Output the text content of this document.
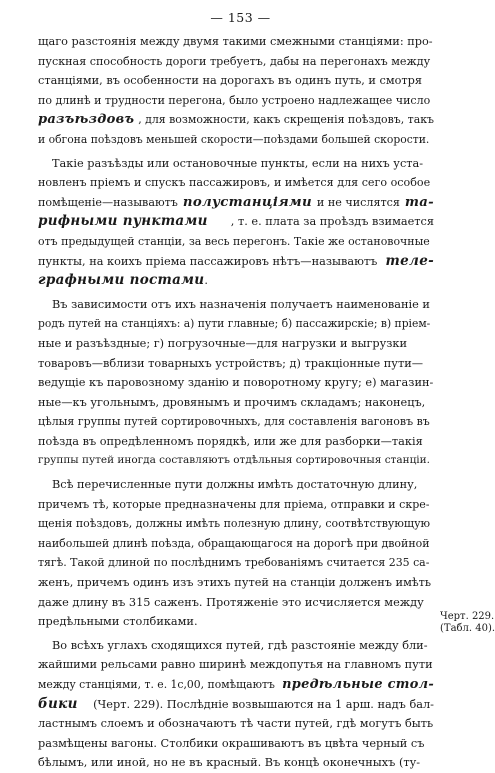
— 153 —
щаго разстоянія между двумя такими смежными станціями: про-
пускная способность дороги требуетъ, дабы на перегонахъ между
станціями, въ особенности на дорогахъ въ одинъ путь, и смотря
по длинѣ и трудности перегона, было устроено надлежащее число
разъѣздовъ , для возможности, какъ скрещенія поѣздовъ, такъ
и обгона поѣздовъ меньшей скорости—поѣздами большей скорости.
Такіе разъѣзды или остановочные пункты, если на нихъ уста-
новленъ пріемъ и спускъ пассажировъ, и имѣется для сего особое
помѣщеніе—называютъ полустанціями и не числятся та-
рифными пунктами , т. е. плата за проѣздъ взимается
отъ предыдущей станціи, за весь перегонъ. Такіе же остановочные
пункты, на коихъ пріема пассажировъ нѣтъ—называютъ теле-
графными постами .
Въ зависимости отъ ихъ назначенія получаетъ наименованіе и
родъ путей на станціяхъ: а) пути главные; б) пассажирскіе; в) пріем-
ные и разъѣздные; г) погрузочные—для нагрузки и выгрузки
товаровъ—вблизи товарныхъ устройствъ; д) тракціонные пути—
ведущіе къ паровозному зданію и поворотному кругу; е) магазин-
ные—къ угольнымъ, дровянымъ и прочимъ складамъ; наконецъ,
цѣлыя группы путей сортировочныхъ, для составленія вагоновъ въ
поѣзда въ опредѣленномъ порядкѣ, или же для разборки—такія
группы путей иногда составляютъ отдѣльныя сортировочныя станціи.
Всѣ перечисленные пути должны имѣть достаточную длину,
причемъ тѣ, которые предназначены для пріема, отправки и скре-
щенія поѣздовъ, должны имѣть полезную длину, соотвѣтствующую
наибольшей длинѣ поѣзда, обращающагося на дорогѣ при двойной
тягѣ. Такой длиной по послѣднимъ требованіямъ считается 235 са-
женъ, причемъ одинъ изъ этихъ путей на станціи долженъ имѣть
даже длину въ 315 саженъ. Протяженіе это исчисляется между
предѣльными столбиками.
Во всѣхъ углахъ сходящихся путей, гдѣ разстояніе между бли-
жайшими рельсами равно ширинѣ междопутья на главномъ пути
между станціями, т. е. 1с,00, помѣщаютъ предѣльные стол-
бики (Черт. 229). Послѣдніе возвышаются на 1 арш. надъ бал-
ластнымъ слоемъ и обозначаютъ тѣ части путей, гдѣ могутъ быть
размѣщены вагоны. Столбики окрашиваютъ въ цвѣта черный съ
бѣлымъ, или иной, но не въ красный. Въ концѣ оконечныхъ (ту-
Черт. 229.
(Табл. 40).
